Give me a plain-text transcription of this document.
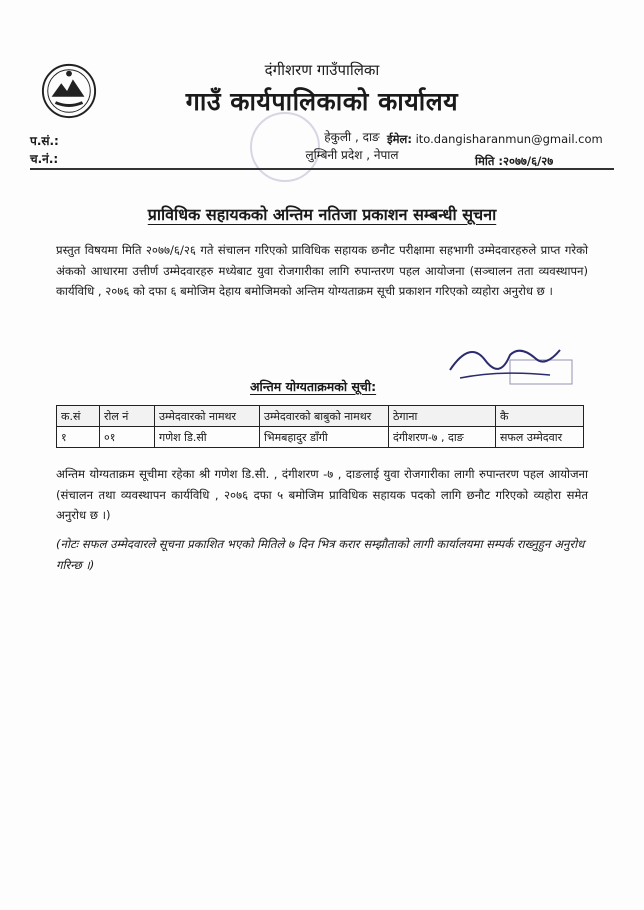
दंगीशरण गाउँपालिका
गाउँ कार्यपालिकाको कार्यालय
प.सं.:
च.नं.:
हेकुली , दाङ
लुम्बिनी प्रदेश , नेपाल
ईमेल: ito.dangisharanmun@gmail.com
मिति :२०७७/६/२७
प्राविधिक सहायकको अन्तिम नतिजा प्रकाशन सम्बन्धी सूचना
प्रस्तुत विषयमा मिति २०७७/६/२६ गते संचालन गरिएको प्राविधिक सहायक छनौट परीक्षामा सहभागी उम्मेदवारहरुले प्राप्त गरेको अंकको आधारमा उत्तीर्ण उम्मेदवारहरु मध्येबाट युवा रोजगारीका लागि रुपान्तरण पहल आयोजना (सञ्चालन तता व्यवस्थापन) कार्यविधि , २०७६ को दफा ६ बमोजिम देहाय बमोजिमको अन्तिम योग्यताक्रम सूची प्रकाशन गरिएको व्यहोरा अनुरोध छ ।
अन्तिम योग्यताक्रमको सूची:
क.सं	रोल नं	उम्मेदवारको नामथर	उम्मेदवारको बाबुको नामथर	ठेगाना	कै
१	०१	गणेश डि.सी	भिमबहादुर डाँगी	दंगीशरण-७ , दाङ	सफल उम्मेदवार
अन्तिम योग्यताक्रम सूचीमा रहेका श्री गणेश डि.सी. , दंगीशरण -७ , दाङलाई युवा रोजगारीका लागी रुपान्तरण पहल आयोजना (संचालन तथा व्यवस्थापन कार्यविधि , २०७६ दफा ५ बमोजिम प्राविधिक सहायक पदको लागि छनौट गरिएको व्यहोरा समेत अनुरोध छ ।)
(नोटः सफल उम्मेदवारले सूचना प्रकाशित भएको मितिले ७ दिन भित्र करार सम्झौताको लागी कार्यालयमा सम्पर्क राख्नुहुन अनुरोध गरिन्छ ।)
